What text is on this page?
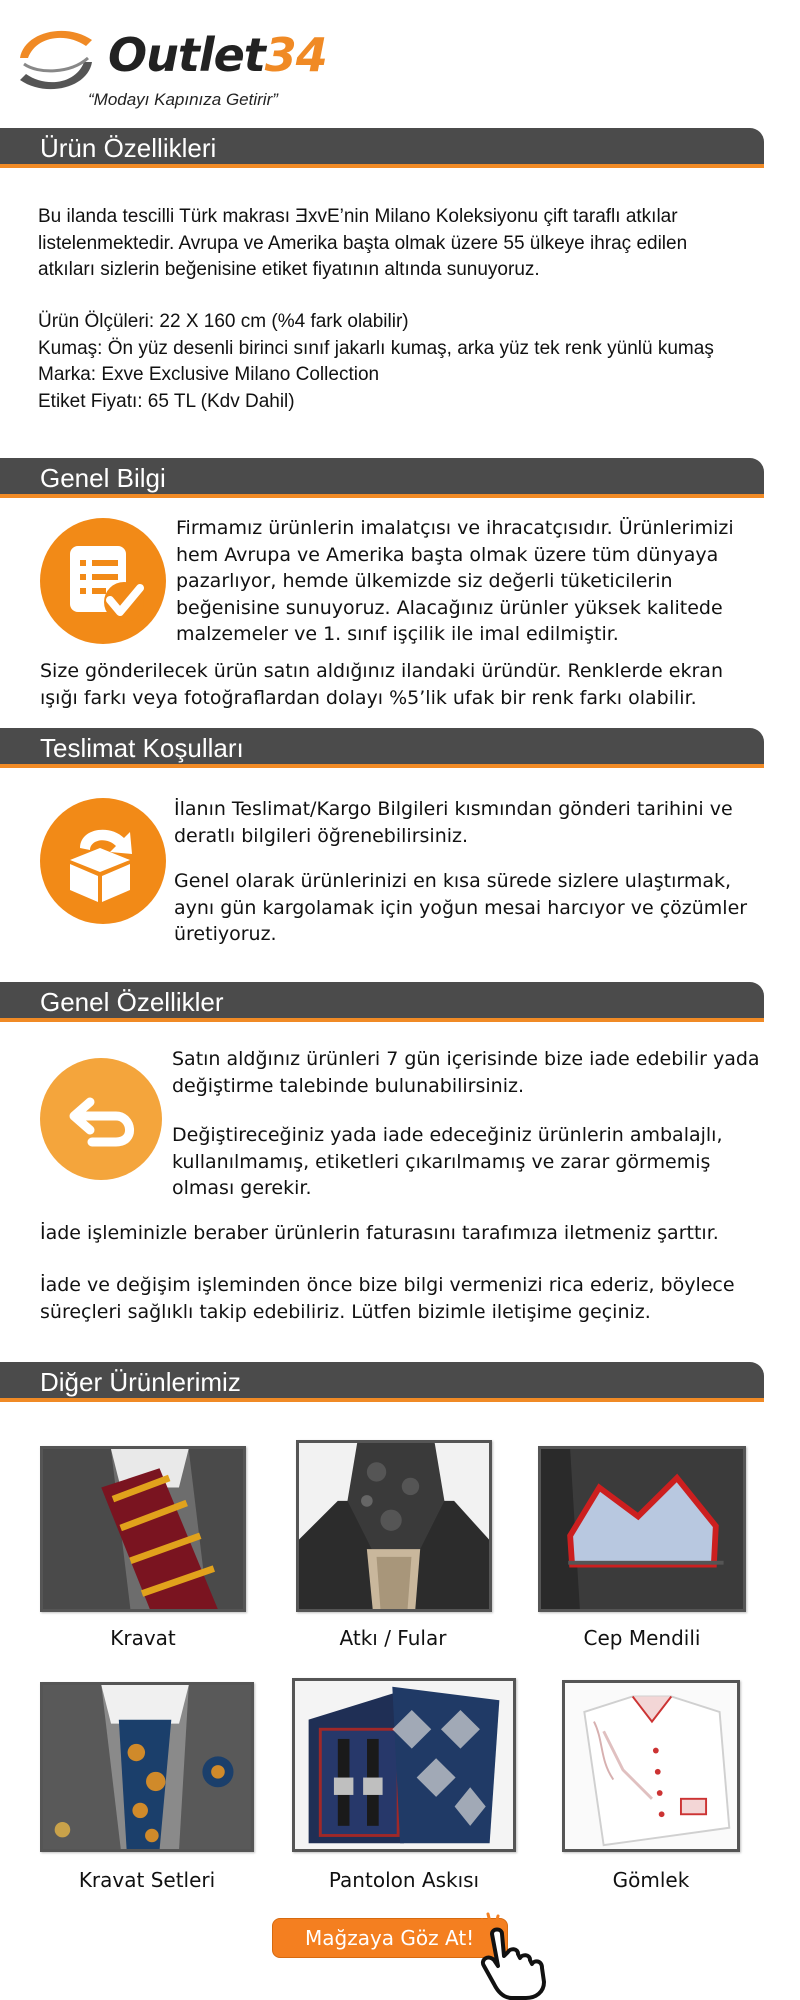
Outlet34
“Modayı Kapınıza Getirir”
Ürün Özellikleri
Bu ilanda tescilli Türk makrası ƎxvE’nin Milano Koleksiyonu çift taraflı atkılar
listelenmektedir. Avrupa ve Amerika başta olmak üzere 55 ülkeye ihraç edilen
atkıları sizlerin beğenisine etiket fiyatının altında sunuyoruz.
Ürün Ölçüleri: 22 X 160 cm (%4 fark olabilir)
Kumaş: Ön yüz desenli birinci sınıf jakarlı kumaş, arka yüz tek renk yünlü kumaş
Marka: Exve Exclusive Milano Collection
Etiket Fiyatı: 65 TL (Kdv Dahil)
Genel Bilgi
Firmamız ürünlerin imalatçısı ve ihracatçısıdır. Ürünlerimizi
hem Avrupa ve Amerika başta olmak üzere tüm dünyaya
pazarlıyor, hemde ülkemizde siz değerli tüketicilerin
beğenisine sunuyoruz. Alacağınız ürünler yüksek kalitede
malzemeler ve 1. sınıf işçilik ile imal edilmiştir.
Size gönderilecek ürün satın aldığınız ilandaki üründür. Renklerde ekran
ışığı farkı veya fotoğraflardan dolayı %5’lik ufak bir renk farkı olabilir.
Teslimat Koşulları
İlanın Teslimat/Kargo Bilgileri kısmından gönderi tarihini ve
deratlı bilgileri öğrenebilirsiniz.
Genel olarak ürünlerinizi en kısa sürede sizlere ulaştırmak,
aynı gün kargolamak için yoğun mesai harcıyor ve çözümler
üretiyoruz.
Genel Özellikler
Satın aldğınız ürünleri 7 gün içerisinde bize iade edebilir yada
değiştirme talebinde bulunabilirsiniz.
Değiştireceğiniz yada iade edeceğiniz ürünlerin ambalajlı,
kullanılmamış, etiketleri çıkarılmamış ve zarar görmemiş
olması gerekir.
İade işleminizle beraber ürünlerin faturasını tarafımıza iletmeniz şarttır.
İade ve değişim işleminden önce bize bilgi vermenizi rica ederiz, böylece
süreçleri sağlıklı takip edebiliriz. Lütfen bizimle iletişime geçiniz.
Diğer Ürünlerimiz
Kravat	Atkı / Fular	Cep Mendili
Kravat Setleri	Pantolon Askısı	Gömlek
Mağzaya Göz At!
